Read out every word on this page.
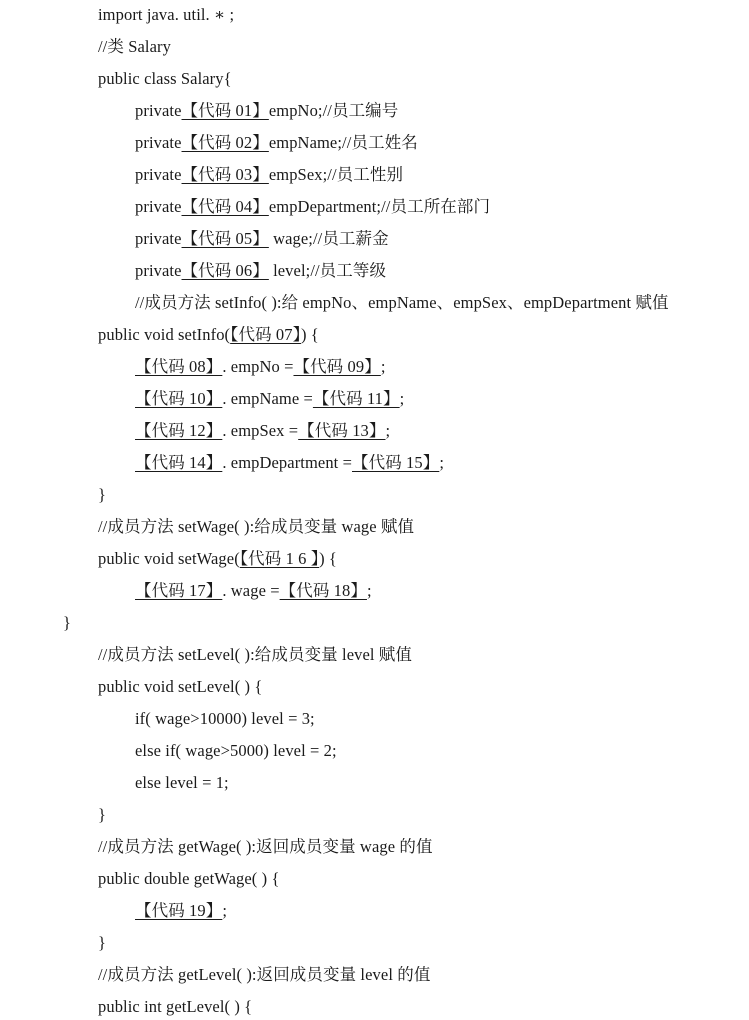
import java. util. ∗ ;
//类 Salary
public class Salary{
private【代码 01】empNo;//员工编号
private【代码 02】empName;//员工姓名
private【代码 03】empSex;//员工性别
private【代码 04】empDepartment;//员工所在部门
private【代码 05】 wage;//员工薪金
private【代码 06】 level;//员工等级
//成员方法 setInfo( ):给 empNo、empName、empSex、empDepartment 赋值
public void setInfo(【代码 07】) {
【代码 08】. empNo =【代码 09】;
【代码 10】. empName =【代码 11】;
【代码 12】. empSex =【代码 13】;
【代码 14】. empDepartment =【代码 15】;
}
//成员方法 setWage( ):给成员变量 wage 赋值
public void setWage(【代码 1 6 】) {
【代码 17】. wage =【代码 18】;
}
//成员方法 setLevel( ):给成员变量 level 赋值
public void setLevel( ) {
if( wage>10000) level = 3;
else if( wage>5000) level = 2;
else level = 1;
}
//成员方法 getWage( ):返回成员变量 wage 的值
public double getWage( ) {
【代码 19】;
}
//成员方法 getLevel( ):返回成员变量 level 的值
public int getLevel( ) {
